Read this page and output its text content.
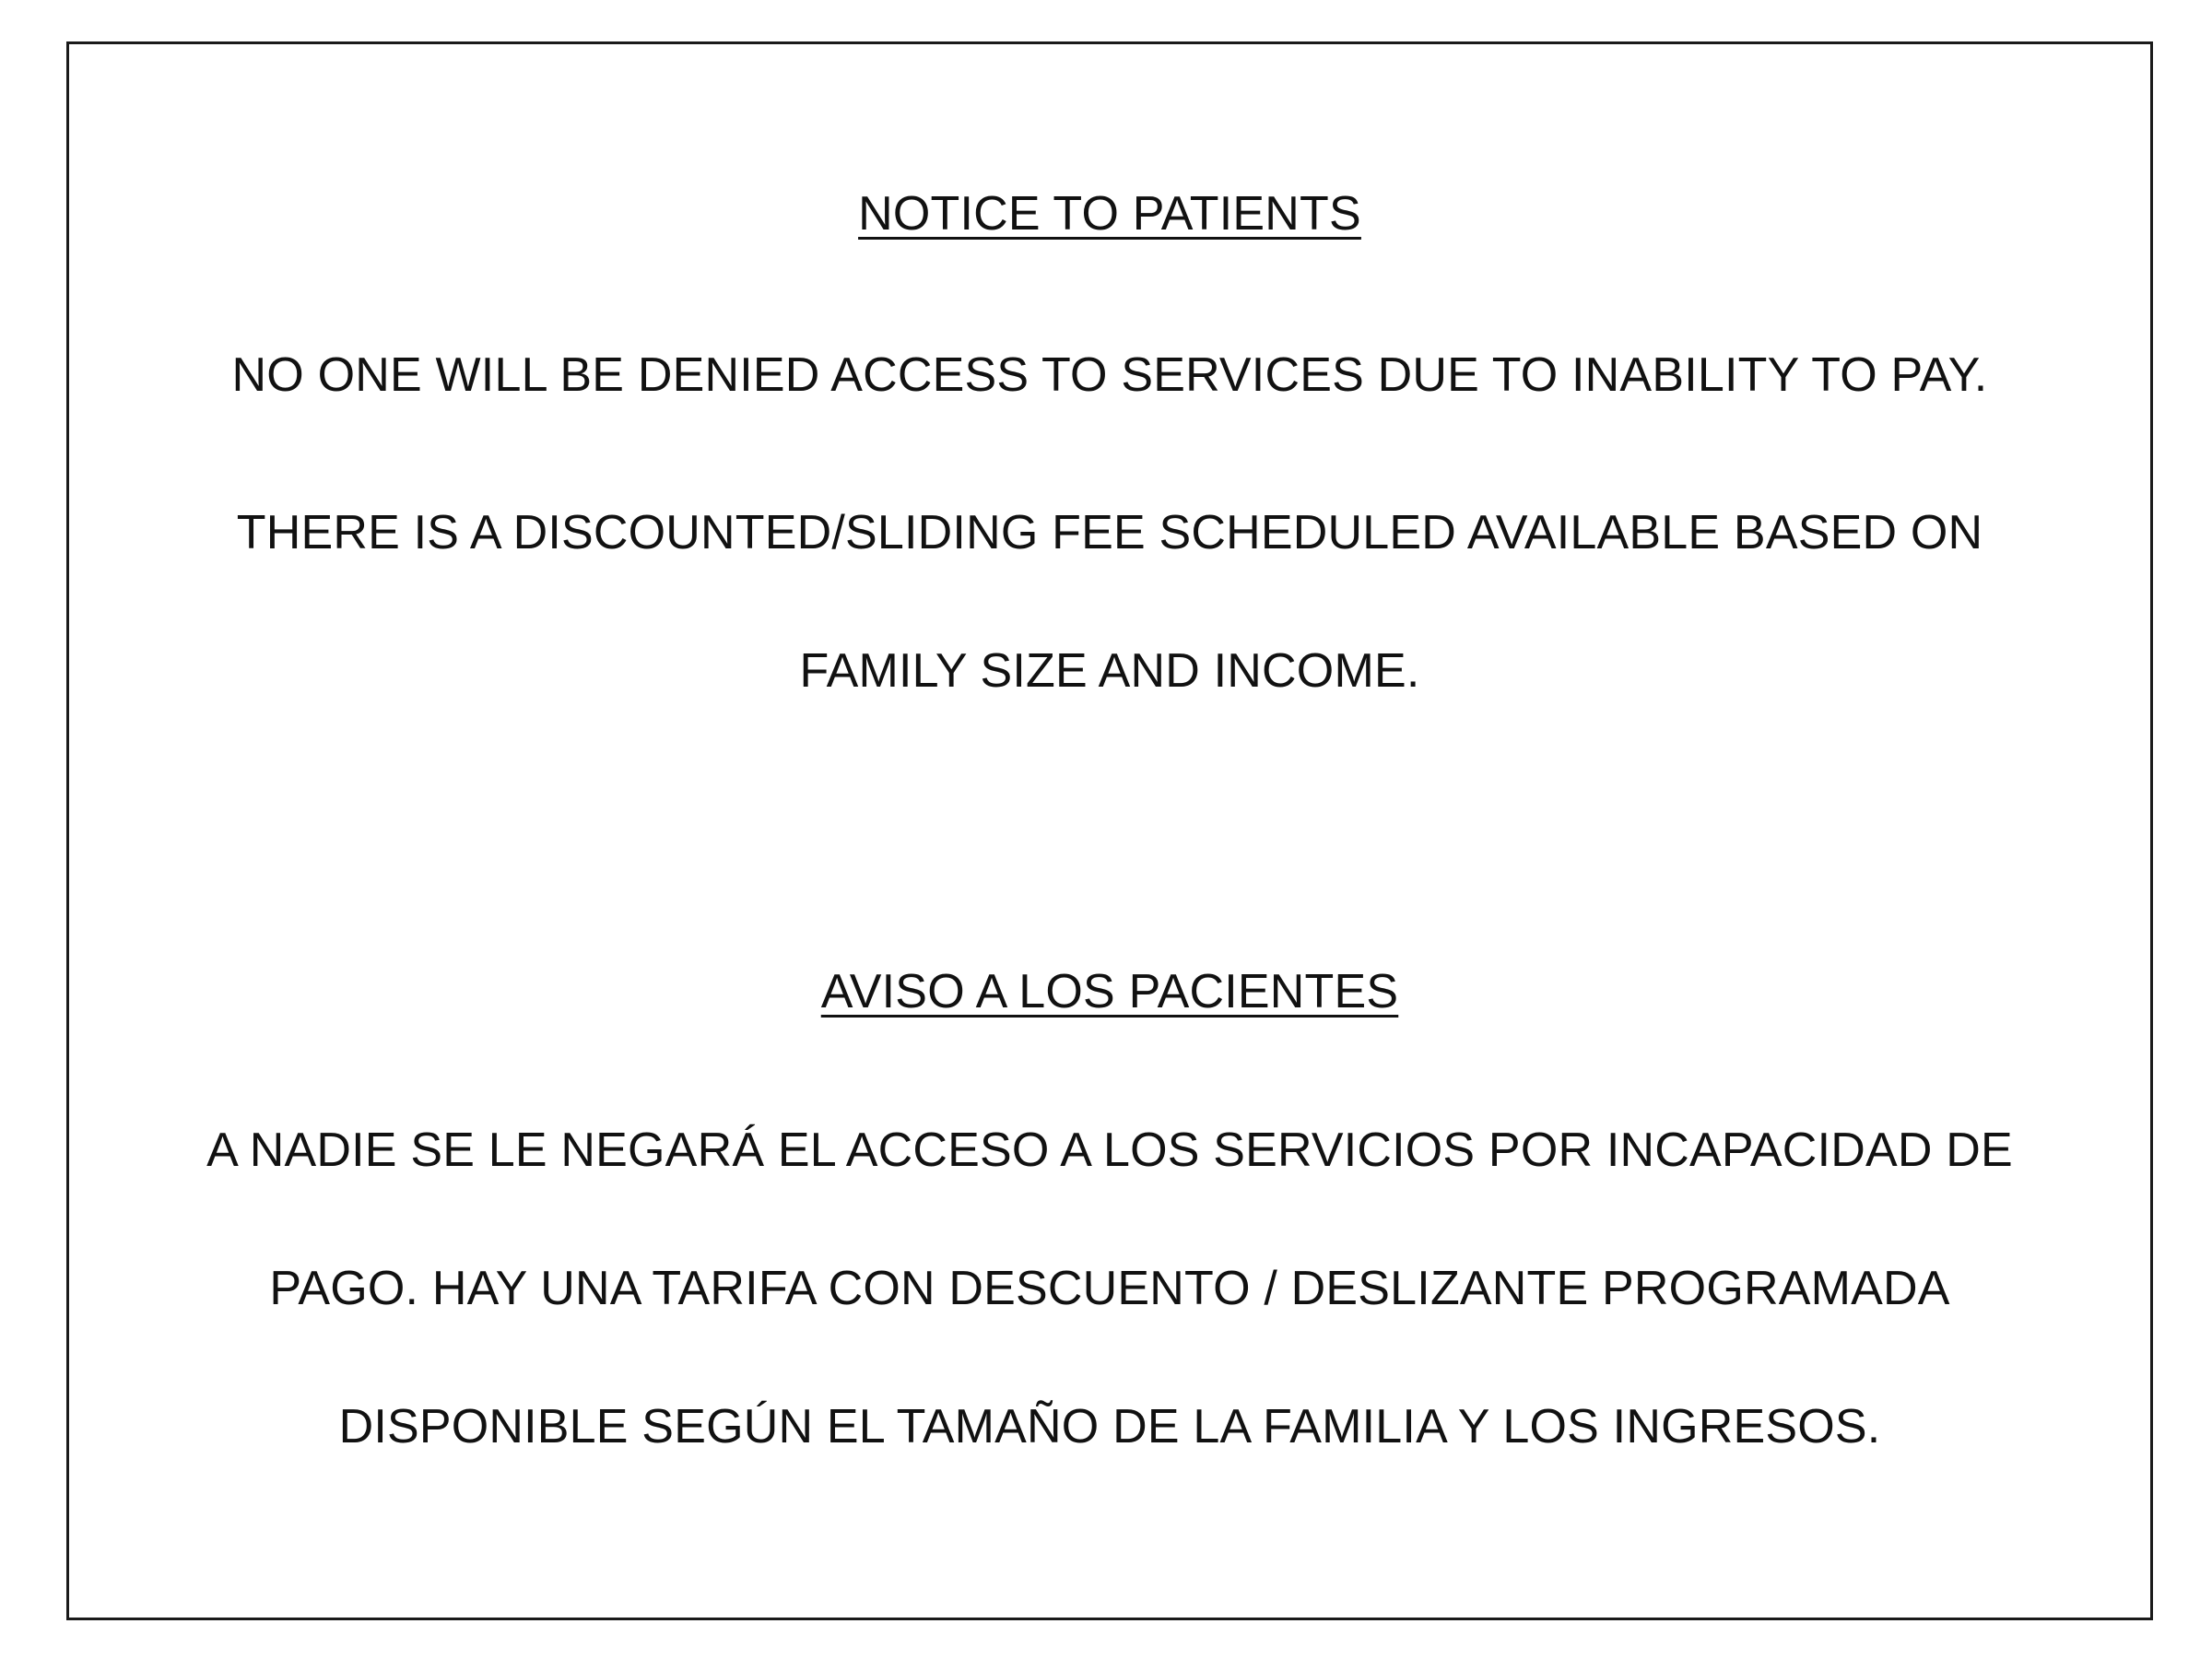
NOTICE TO PATIENTS
NO ONE WILL BE DENIED ACCESS TO SERVICES DUE TO INABILITY TO PAY.
THERE IS A DISCOUNTED/SLIDING FEE SCHEDULED AVAILABLE BASED ON
FAMILY SIZE AND INCOME.
AVISO A LOS PACIENTES
A NADIE SE LE NEGARÁ EL ACCESO A LOS SERVICIOS POR INCAPACIDAD DE
PAGO. HAY UNA TARIFA CON DESCUENTO / DESLIZANTE PROGRAMADA
DISPONIBLE SEGÚN EL TAMAÑO DE LA FAMILIA Y LOS INGRESOS.
